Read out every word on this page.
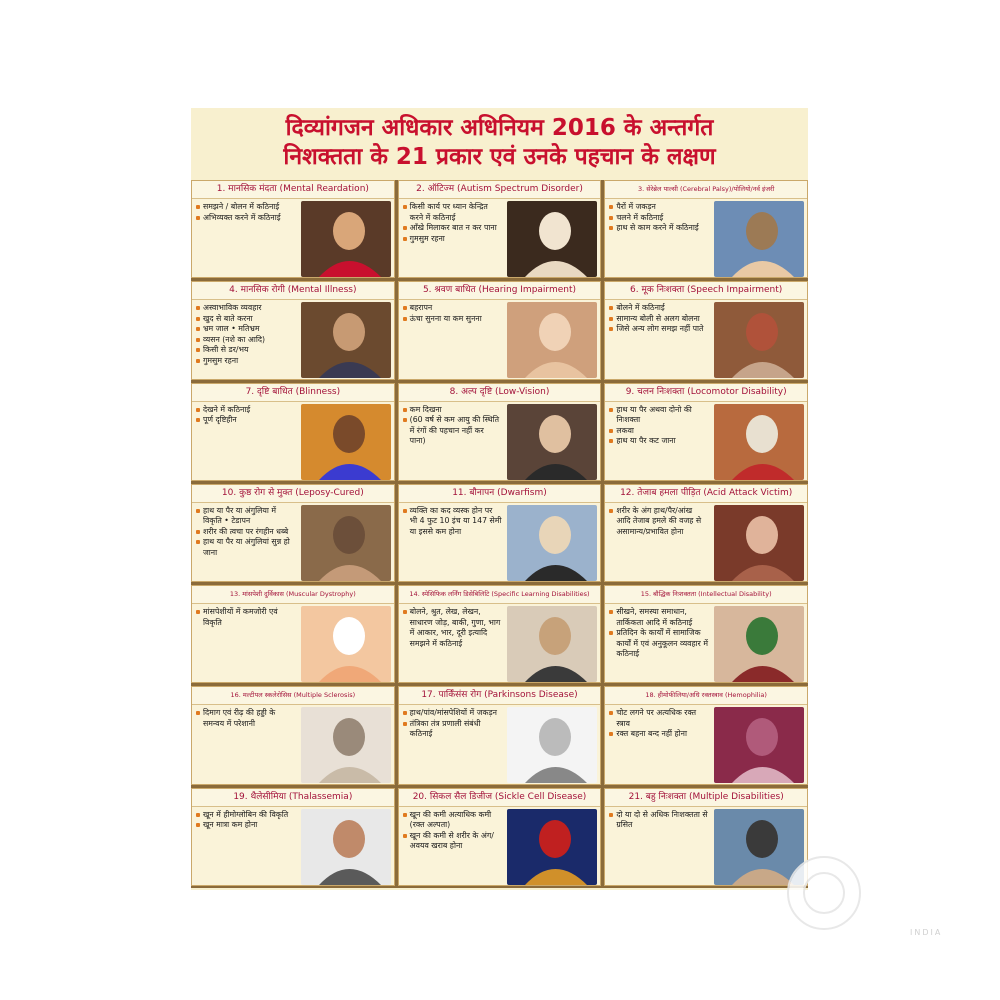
दिव्यांगजन अधिकार अधिनियम 2016 के अन्तर्गत
निशक्तता के 21 प्रकार एवं उनके पहचान के लक्षण
1. मानसिक मंदता (Mental Reardation)
समझने / बोलन में कठिनाई
अभिव्यक्त करने में कठिनाई
2. ऑटिज्म (Autism Spectrum Disorder)
किसी कार्य पर ध्यान केन्द्रित करने में कठिनाई
आँखे मिलाकर बात न कर पाना
गुमसुम रहना
3. सेरेब्रेल पाल्सी (Cerebral Palsy)/पोलियो/नर्व इंजरी
पैरों में जकड़न
चलने में कठिनाई
हाथ से काम करने में कठिनाई
4. मानसिक रोगी (Mental Illness)
अस्वाभाविक व्यवहार
खुद से बाते करना
भ्रम जाल • मतिभ्रम
व्यसन (नशे का आदि)
किसी से डर/भय
गुमसुम रहना
5. श्रवण बाधित (Hearing Impairment)
बहरापन
ऊंचा सुनना या कम सुनना
6. मूक निःशक्ता (Speech Impairment)
बोलने में कठिनाई
सामान्य बोली से अलग बोलना
जिसे अन्य लोग समझ नहीं पाते
7. दृष्टि बाधित (Blinness)
देखने में कठिनाई
पूर्ण दृष्टिहीन
8. अल्प दृष्टि (Low-Vision)
कम दिखना
(60 वर्ष से कम आयु की स्थिति में रंगों की पहचान नहीं कर पाना)
9. चलन निःशक्ता (Locomotor Disability)
हाथ या पैर अथवा दोनो की निःशक्ता
लकवा
हाथ या पैर कट जाना
10. कुष्ठ रोग से मुक्त (Leposy-Cured)
हाथ या पैर या अंगुलिया में विकृति • टेडापन
शरीर की त्वचा पर रंगहीन धब्बे
हाथ या पैर या अंगुलियां सुन्न हो जाना
11. बौनापन (Dwarfism)
व्यक्ति का कद व्यस्क होन पर भी 4 फुट 10 इंच या 147 सेमी या इससे कम होना
12. तेजाब हमला पीड़ित (Acid Attack Victim)
शरीर के अंग हाथ/पैर/आंख आदि तेजाब हमले की वजह से असामान्य/प्रभावित होना
13. मांसपेशी दुर्विकास (Muscular Dystrophy)
मांसपेशीयों में कमजोरी एवं विकृति
14. स्पेसिफिक लर्निंग डिसेबिलिटि (Specific Learning Disabilities)
बोलने, श्रुत, लेख, लेखन, साधारण जोड़, बाकी, गुणा, भाग में आकार, भार, दूरी इत्यादि समझने में कठिनाई
15. बौद्धिक निःशक्तता (Intellectual Disability)
सीखने, समस्या समाधान, तार्किकता आदि में कठिनाई
प्रतिदिन के कार्यों में सामाजिक कार्यों में एवं अनुकूलन व्यवहार में कठिनाई
16. मल्टीपल स्कलेरोसिस (Multiple Sclerosis)
दिमाग एवं रीढ़ की हड्डी के समन्वय में परेशानी
17. पार्किंसंस रोग (Parkinsons Disease)
हाथ/पांव/मांसपेशियों में जकड़न
तंत्रिका तंत्र प्रणाली संबंधी कठिनाई
18. हीमोफीलिया/अधि रक्तस्त्राव (Hemophilia)
चोट लगने पर अत्यधिक रक्त स्त्राव
रक्त बहना बन्द नहीं होना
19. थैलेसीमिया (Thalassemia)
खून में हीमोग्लोबिन की विकृति
खून मात्रा कम होना
20. सिकल सैल डिजीज (Sickle Cell Disease)
खून की कमी अत्याधिक कमी (रक्त अल्पता)
खून की कमी से शरीर के अंग/अवयव खराब होना
21. बहु निःशक्ता (Multiple Disabilities)
दो या दो से अधिक निःशक्तता से ग्रसित
INDIA
